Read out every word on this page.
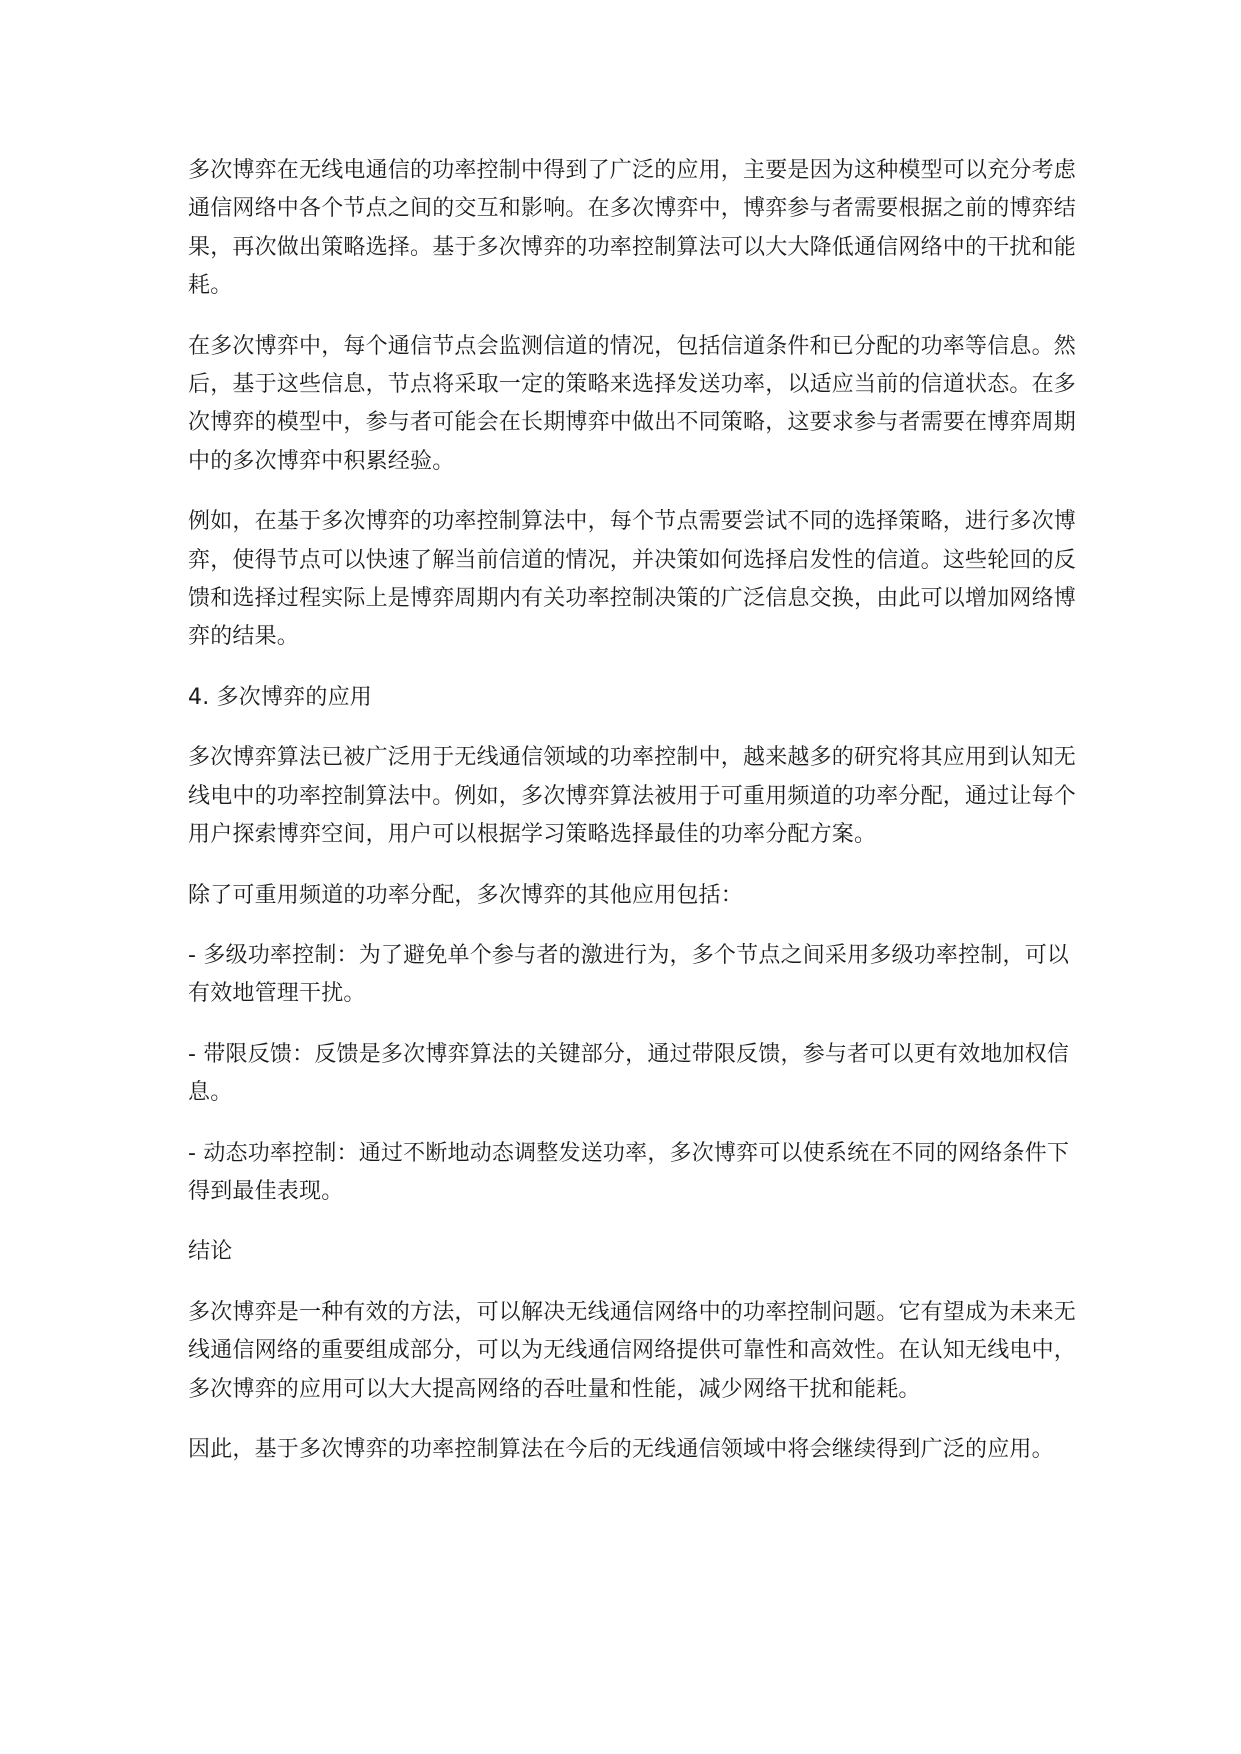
多次博弈在无线电通信的功率控制中得到了广泛的应用，主要是因为这种模型可以充分考虑通信网络中各个节点之间的交互和影响。在多次博弈中，博弈参与者需要根据之前的博弈结果，再次做出策略选择。基于多次博弈的功率控制算法可以大大降低通信网络中的干扰和能耗。

在多次博弈中，每个通信节点会监测信道的情况，包括信道条件和已分配的功率等信息。然后，基于这些信息，节点将采取一定的策略来选择发送功率，以适应当前的信道状态。在多次博弈的模型中，参与者可能会在长期博弈中做出不同策略，这要求参与者需要在博弈周期中的多次博弈中积累经验。

例如，在基于多次博弈的功率控制算法中，每个节点需要尝试不同的选择策略，进行多次博弈，使得节点可以快速了解当前信道的情况，并决策如何选择启发性的信道。这些轮回的反馈和选择过程实际上是博弈周期内有关功率控制决策的广泛信息交换，由此可以增加网络博弈的结果。

4. 多次博弈的应用

多次博弈算法已被广泛用于无线通信领域的功率控制中，越来越多的研究将其应用到认知无线电中的功率控制算法中。例如，多次博弈算法被用于可重用频道的功率分配，通过让每个用户探索博弈空间，用户可以根据学习策略选择最佳的功率分配方案。

除了可重用频道的功率分配，多次博弈的其他应用包括：

- 多级功率控制：为了避免单个参与者的激进行为，多个节点之间采用多级功率控制，可以有效地管理干扰。

- 带限反馈：反馈是多次博弈算法的关键部分，通过带限反馈，参与者可以更有效地加权信息。

- 动态功率控制：通过不断地动态调整发送功率，多次博弈可以使系统在不同的网络条件下得到最佳表现。

结论

多次博弈是一种有效的方法，可以解决无线通信网络中的功率控制问题。它有望成为未来无线通信网络的重要组成部分，可以为无线通信网络提供可靠性和高效性。在认知无线电中，多次博弈的应用可以大大提高网络的吞吐量和性能，减少网络干扰和能耗。

因此，基于多次博弈的功率控制算法在今后的无线通信领域中将会继续得到广泛的应用。
